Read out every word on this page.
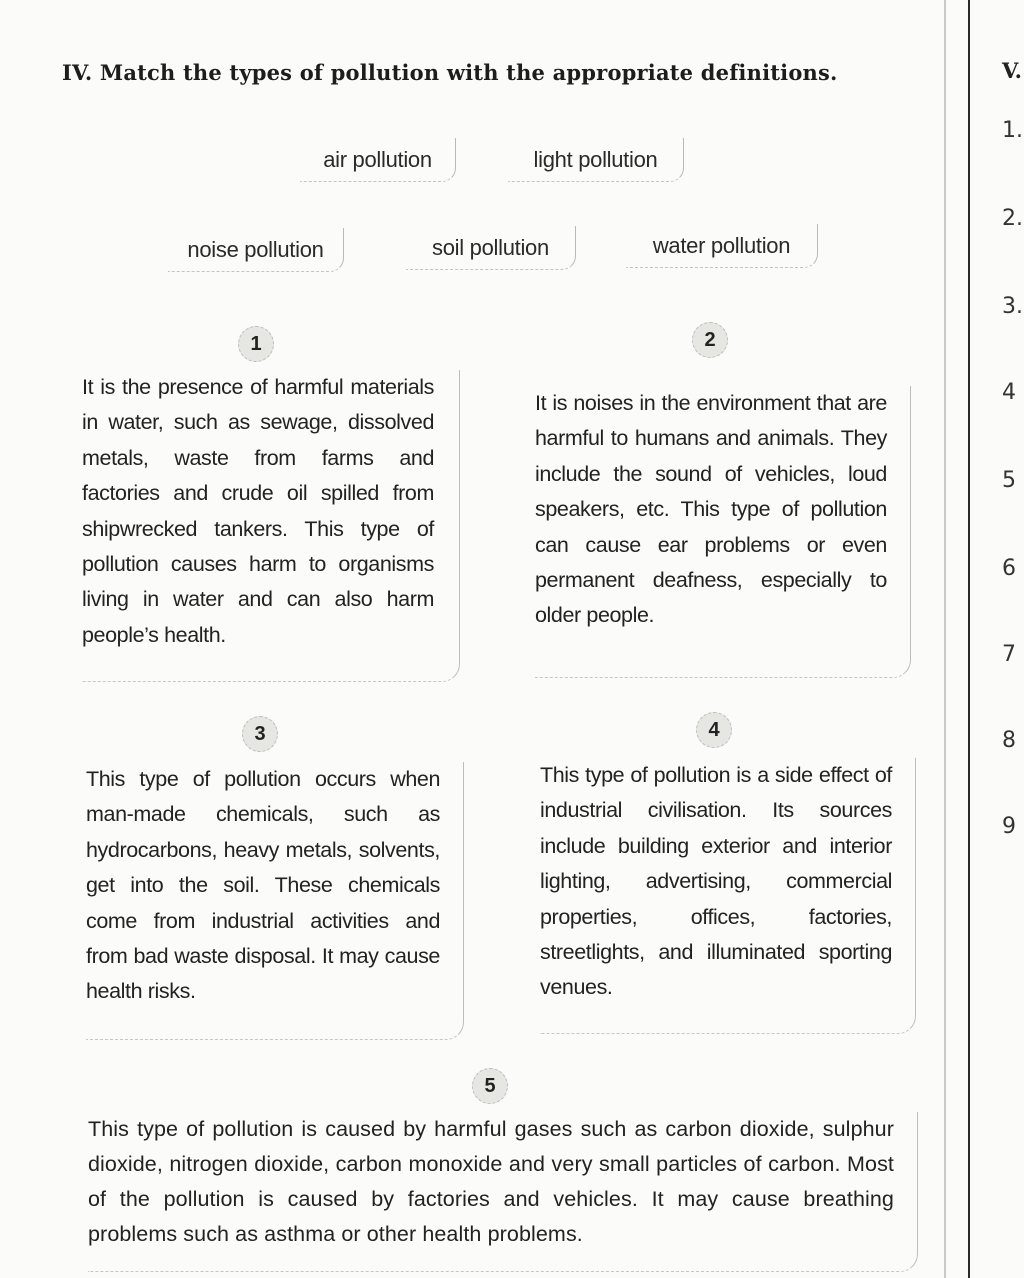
IV. Match the types of pollution with the appropriate definitions.
air pollution	light pollution
noise pollution	soil pollution	water pollution
1

It is the presence of harmful materials in water, such as sewage, dissolved metals, waste from farms and factories and crude oil spilled from shipwrecked tankers. This type of pollution causes harm to organisms living in water and can also harm people’s health.

2

It is noises in the environment that are harmful to humans and animals. They include the sound of vehicles, loud speakers, etc. This type of pollution can cause ear problems or even permanent deafness, especially to older people.

3

This type of pollution occurs when man-made chemicals, such as hydrocarbons, heavy metals, solvents, get into the soil. These chemicals come from industrial activities and from bad waste disposal. It may cause health risks.

4

This type of pollution is a side effect of industrial civilisation. Its sources include building exterior and interior lighting, advertising, commercial properties, offices, factories, streetlights, and illuminated sporting venues.

5

This type of pollution is caused by harmful gases such as carbon dioxide, sulphur dioxide, nitrogen dioxide, carbon monoxide and very small particles of carbon. Most of the pollution is caused by factories and vehicles. It may cause breathing problems such as asthma or other health problems.

V.
1.
2.
3.
4
5
6
7
8
9
